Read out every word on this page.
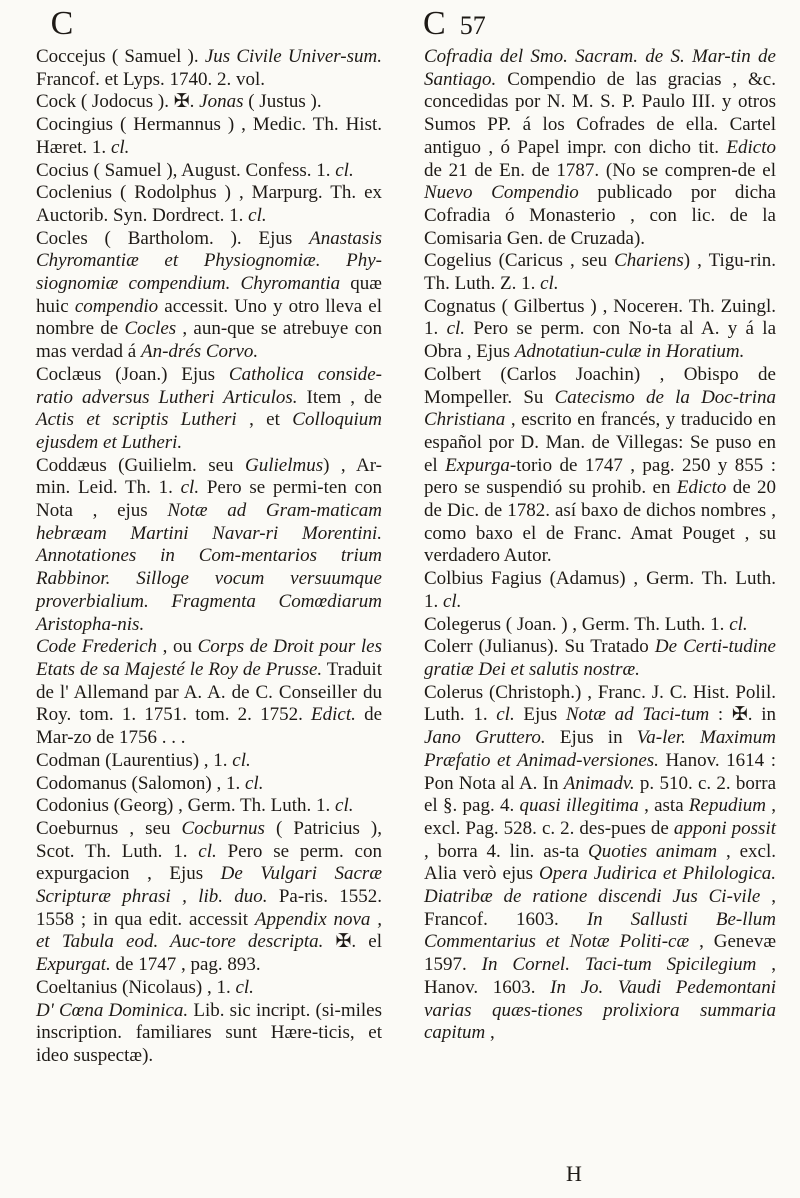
C	C 57

Coccejus ( Samuel ). Jus Civile Univer-sum. Francof. et Lyps. 1740. 2. vol.

Cock ( Jodocus ). ✠. Jonas ( Justus ).

Cocingius ( Hermannus ) , Medic. Th. Hist. Hæret. 1. cl.

Cocius ( Samuel ), August. Confess. 1. cl.

Coclenius ( Rodolphus ) , Marpurg. Th. ex Auctorib. Syn. Dordrect. 1. cl.

Cocles ( Bartholom. ). Ejus Anastasis Chyromantiæ et Physiognomiæ. Phy-siognomiæ compendium. Chyromantia quæ huic compendio accessit. Uno y otro lleva el nombre de Cocles , aun-que se atrebuye con mas verdad á An-drés Corvo.

Coclæus (Joan.) Ejus Catholica conside-ratio adversus Lutheri Articulos. Item , de Actis et scriptis Lutheri , et Colloquium ejusdem et Lutheri.

Coddæus (Guilielm. seu Gulielmus) , Ar-min. Leid. Th. 1. cl. Pero se permi-ten con Nota , ejus Notæ ad Gram-maticam hebræam Martini Navar-ri Morentini. Annotationes in Com-mentarios trium Rabbinor. Silloge vocum versuumque proverbialium. Fragmenta Comœdiarum Aristopha-nis.

Code Frederich , ou Corps de Droit pour les Etats de sa Majesté le Roy de Prusse. Traduit de l' Allemand par A. A. de C. Conseiller du Roy. tom. 1. 1751. tom. 2. 1752. Edict. de Mar-zo de 1756 . . .

Codman (Laurentius) , 1. cl.

Codomanus (Salomon) , 1. cl.

Codonius (Georg) , Germ. Th. Luth. 1. cl.

Coeburnus , seu Cocburnus ( Patricius ), Scot. Th. Luth. 1. cl. Pero se perm. con expurgacion , Ejus De Vulgari Sacræ Scripturæ phrasi , lib. duo. Pa-ris. 1552. 1558 ; in qua edit. accessit Appendix nova , et Tabula eod. Auc-tore descripta. ✠. el Expurgat. de 1747 , pag. 893.

Coeltanius (Nicolaus) , 1. cl.

D' Cœna Dominica. Lib. sic incript. (si-miles inscription. familiares sunt Hære-ticis, et ideo suspectæ).

Cofradia del Smo. Sacram. de S. Mar-tin de Santiago. Compendio de las gracias , &c. concedidas por N. M. S. P. Paulo III. y otros Sumos PP. á los Cofrades de ella. Cartel antiguo , ó Papel impr. con dicho tit. Edicto de 21 de En. de 1787. (No se compren-de el Nuevo Compendio publicado por dicha Cofradia ó Monasterio , con lic. de la Comisaria Gen. de Cruzada).

Cogelius (Caricus , seu Chariens) , Tigu-rin. Th. Luth. Z. 1. cl.

Cognatus ( Gilbertus ) , Nocerен. Th. Zuingl. 1. cl. Pero se perm. con No-ta al A. y á la Obra , Ejus Adnotatiun-culæ in Horatium.

Colbert (Carlos Joachin) , Obispo de Mompeller. Su Catecismo de la Doc-trina Christiana , escrito en francés, y traducido en español por D. Man. de Villegas: Se puso en el Expurga-torio de 1747 , pag. 250 y 855 : pero se suspendió su prohib. en Edicto de 20 de Dic. de 1782. así baxo de dichos nombres , como baxo el de Franc. Amat Pouget , su verdadero Autor.

Colbius Fagius (Adamus) , Germ. Th. Luth. 1. cl.

Colegerus ( Joan. ) , Germ. Th. Luth. 1. cl.

Colerr (Julianus). Su Tratado De Certi-tudine gratiæ Dei et salutis nostræ.

Colerus (Christoph.) , Franc. J. C. Hist. Polil. Luth. 1. cl. Ejus Notæ ad Taci-tum : ✠. in Jano Gruttero. Ejus in Va-ler. Maximum Præfatio et Animad-versiones. Hanov. 1614 : Pon Nota al A. In Animadv. p. 510. c. 2. borra el §. pag. 4. quasi illegitima , asta Repudium , excl. Pag. 528. c. 2. des-pues de apponi possit , borra 4. lin. as-ta Quoties animam , excl. Alia verò ejus Opera Judirica et Philologica. Diatribæ de ratione discendi Jus Ci-vile , Francof. 1603. In Sallusti Be-llum Commentarius et Notæ Politi-cæ , Genevæ 1597. In Cornel. Taci-tum Spicilegium , Hanov. 1603. In Jo. Vaudi Pedemontani varias quæs-tiones prolixiora summaria capitum ,

H
